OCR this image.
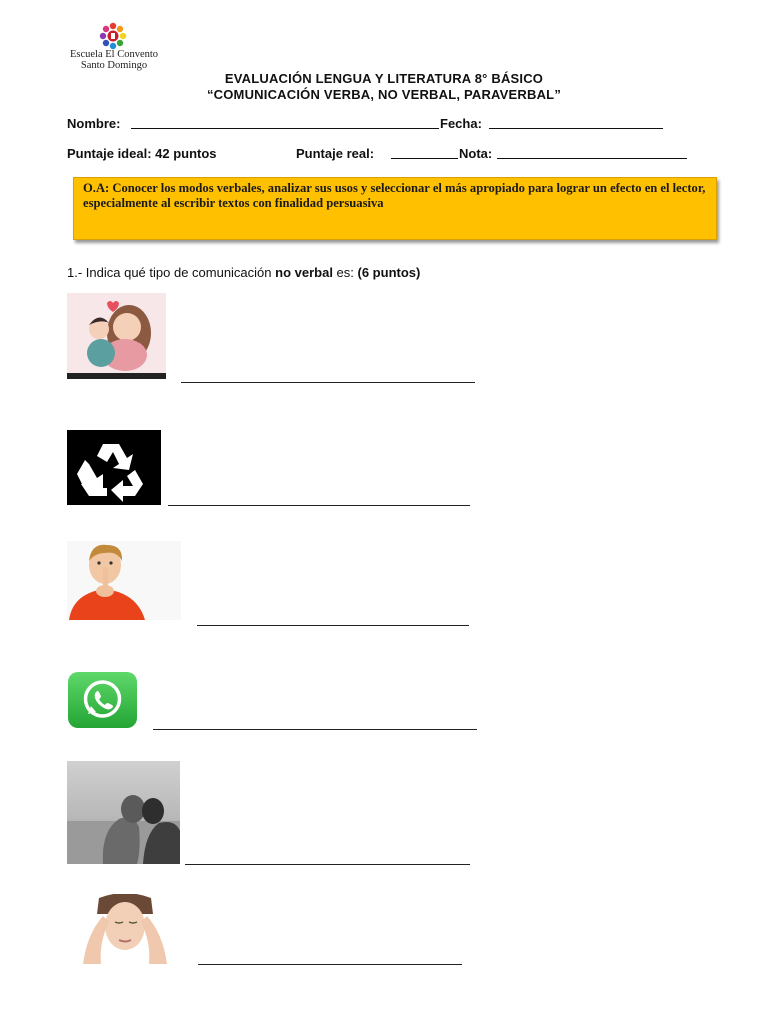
Escuela El Convento
Santo Domingo
EVALUACIÓN LENGUA Y LITERATURA 8° BÁSICO
“COMUNICACIÓN VERBA, NO VERBAL, PARAVERBAL”
Nombre:	Fecha:
Puntaje ideal: 42 puntos	Puntaje real:	Nota:
O.A: Conocer los modos verbales, analizar sus usos y seleccionar el más apropiado para lograr un efecto en el lector, especialmente al escribir textos con finalidad persuasiva
1.- Indica qué tipo de comunicación no verbal es: (6 puntos)
